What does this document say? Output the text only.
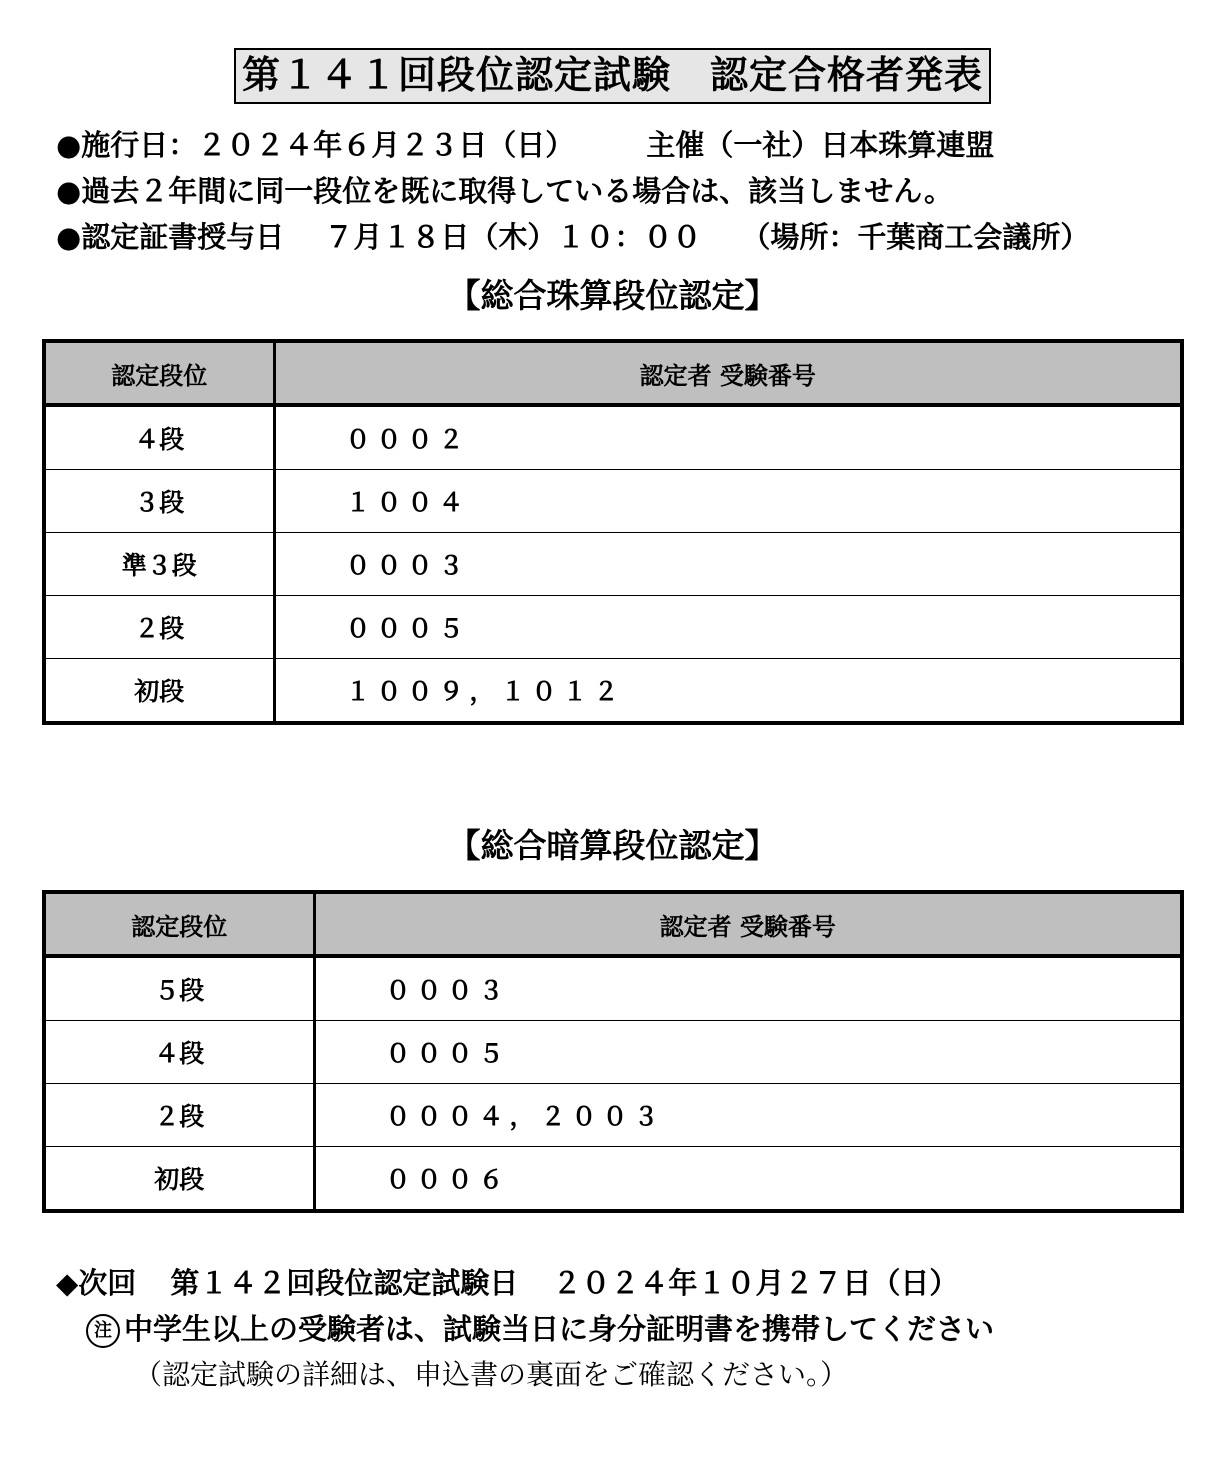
第１４１回段位認定試験　認定合格者発表
●施行日：２０２４年６月２３日（日） 主催（一社）日本珠算連盟
●過去２年間に同一段位を既に取得している場合は、該当しません。
●認定証書授与日 ７月１８日（木）１０：００ （場所：千葉商工会議所）
【総合珠算段位認定】
認定段位	認定者 受験番号
４段	０００２
３段	１００４
準３段	０００３
２段	０００５
初段	１００９，１０１２
【総合暗算段位認定】
認定段位	認定者 受験番号
５段	０００３
４段	０００５
２段	０００４，２００３
初段	０００６
◆次回 第１４２回段位認定試験日 ２０２４年１０月２７日（日）
注 中学生以上の受験者は、試験当日に身分証明書を携帯してください
（認定試験の詳細は、申込書の裏面をご確認ください。）
